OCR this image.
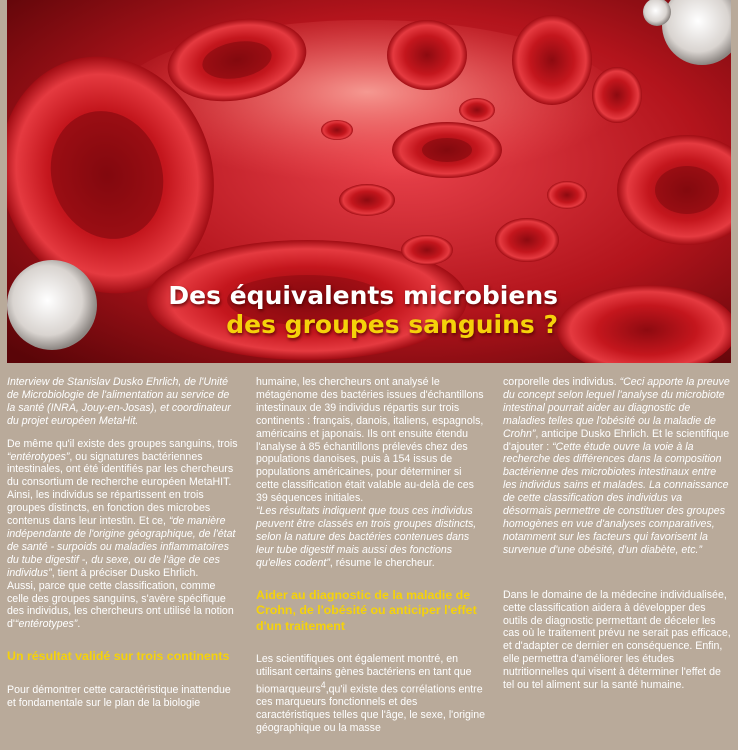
Des équivalents microbiens
des groupes sanguins ?

Interview de Stanislav Dusko Ehrlich, de l'Unité de Microbiologie de l'alimentation au service de la santé (INRA, Jouy-en-Josas), et coordinateur du projet européen MetaHit.

De même qu'il existe des groupes sanguins, trois “entérotypes”, ou signatures bactériennes intestinales, ont été identifiés par les chercheurs du consortium de recherche européen MetaHIT. Ainsi, les individus se répartissent en trois groupes distincts, en fonction des microbes contenus dans leur intestin. Et ce, “de manière indépendante de l'origine géographique, de l'état de santé - surpoids ou maladies inflammatoires du tube digestif -, du sexe, ou de l'âge de ces individus”, tient à préciser Dusko Ehrlich.

Aussi, parce que cette classification, comme celle des groupes sanguins, s'avère spécifique des individus, les chercheurs ont utilisé la notion d'“entérotypes”.

Un résultat validé sur trois continents

Pour démontrer cette caractéristique inattendue et fondamentale sur le plan de la biologie

humaine, les chercheurs ont analysé le métagénome des bactéries issues d'échantillons intestinaux de 39 individus répartis sur trois continents : français, danois, italiens, espagnols, américains et japonais. Ils ont ensuite étendu l'analyse à 85 échantillons prélevés chez des populations danoises, puis à 154 issus de populations américaines, pour déterminer si cette classification était valable au-delà de ces 39 séquences initiales.

“Les résultats indiquent que tous ces individus peuvent être classés en trois groupes distincts, selon la nature des bactéries contenues dans leur tube digestif mais aussi des fonctions qu'elles codent”, résume le chercheur.

Aider au diagnostic de la maladie de Crohn, de l'obésité ou anticiper l'effet d'un traitement

Les scientifiques ont également montré, en utilisant certains gènes bactériens en tant que biomarqueurs$^4$,qu'il existe des corrélations entre ces marqueurs fonctionnels et des caractéristiques telles que l'âge, le sexe, l'origine géographique ou la masse

corporelle des individus. “Ceci apporte la preuve du concept selon lequel l'analyse du microbiote intestinal pourrait aider au diagnostic de maladies telles que l'obésité ou la maladie de Crohn”, anticipe Dusko Ehrlich. Et le scientifique d'ajouter : “Cette étude ouvre la voie à la recherche des différences dans la composition bactérienne des microbiotes intestinaux entre les individus sains et malades. La connaissance de cette classification des individus va désormais permettre de constituer des groupes homogènes en vue d'analyses comparatives, notamment sur les facteurs qui favorisent la survenue d'une obésité, d'un diabète, etc.”

Dans le domaine de la médecine individualisée, cette classification aidera à développer des outils de diagnostic permettant de déceler les cas où le traitement prévu ne serait pas efficace, et d'adapter ce dernier en conséquence. Enfin, elle permettra d'améliorer les études nutritionnelles qui visent à déterminer l'effet de tel ou tel aliment sur la santé humaine.
